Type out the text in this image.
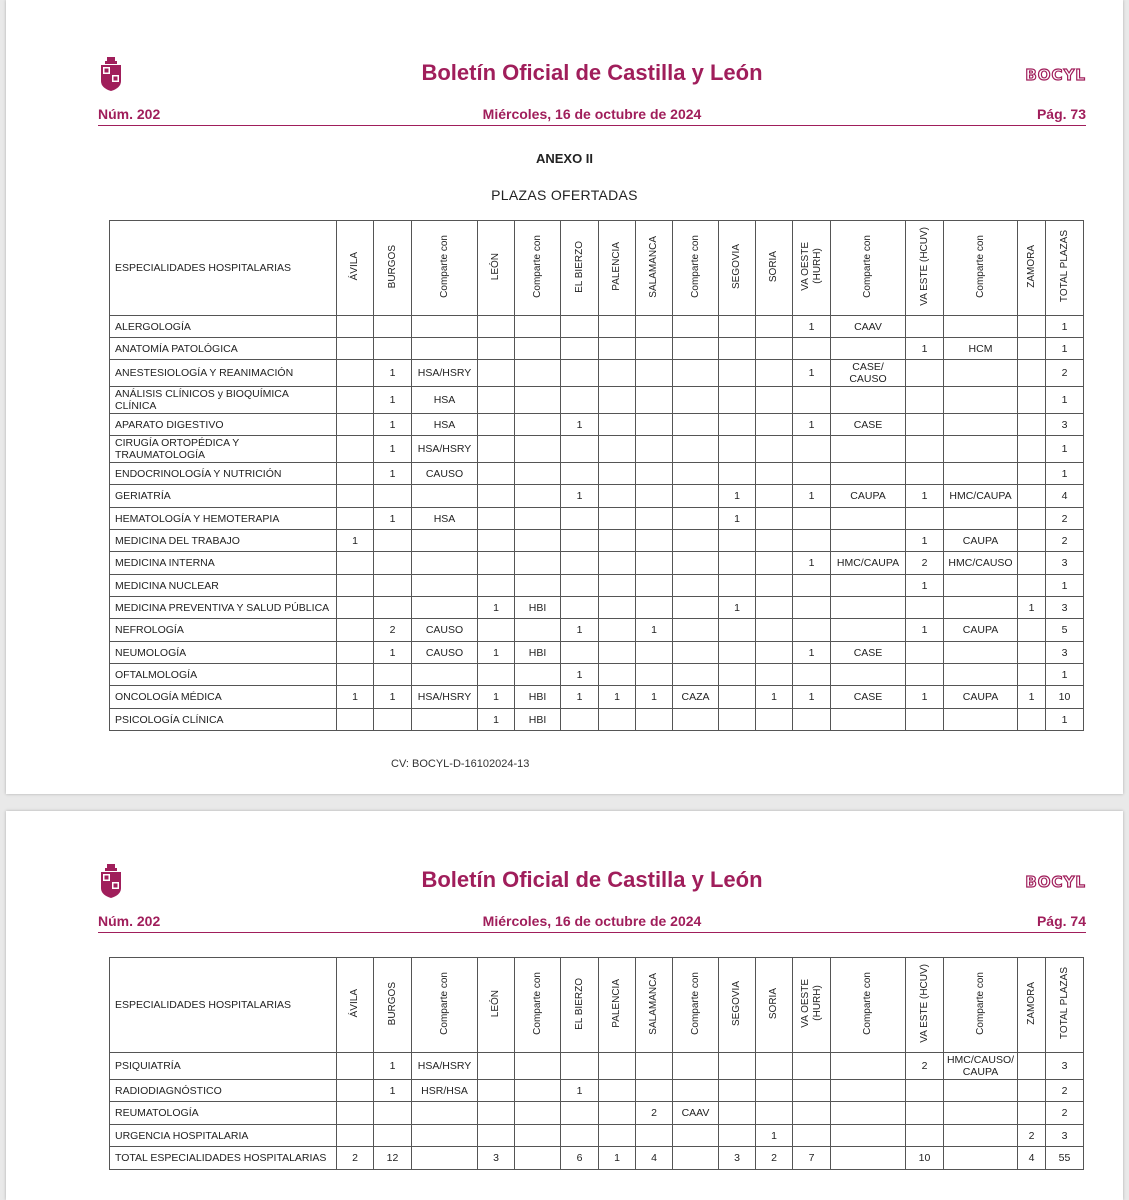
Boletín Oficial de Castilla y León	BOCYL
Núm. 202	Miércoles, 16 de octubre de 2024	Pág. 73
ANEXO II
PLAZAS OFERTADAS
ESPECIALIDADES HOSPITALARIAS	ÁVILA	BURGOS	Comparte con	LEÓN	Comparte con	EL BIERZO	PALENCIA	SALAMANCA	Comparte con	SEGOVIA	SORIA	VA OESTE
(HURH)	Comparte con	VA ESTE (HCUV)	Comparte con	ZAMORA	TOTAL PLAZAS
ALERGOLOGÍA												1	CAAV				1
ANATOMÍA PATOLÓGICA														1	HCM		1
ANESTESIOLOGÍA Y REANIMACIÓN		1	HSA/HSRY									1	CASE/
CAUSO				2
ANÁLISIS CLÍNICOS y BIOQUÍMICA
CLÍNICA		1	HSA														1
APARATO DIGESTIVO		1	HSA			1						1	CASE				3
CIRUGÍA ORTOPÉDICA Y
TRAUMATOLOGÍA		1	HSA/HSRY														1
ENDOCRINOLOGÍA Y NUTRICIÓN		1	CAUSO														1
GERIATRÍA						1				1		1	CAUPA	1	HMC/CAUPA		4
HEMATOLOGÍA Y HEMOTERAPIA		1	HSA							1							2
MEDICINA DEL TRABAJO	1													1	CAUPA		2
MEDICINA INTERNA												1	HMC/CAUPA	2	HMC/CAUSO		3
MEDICINA NUCLEAR														1			1
MEDICINA PREVENTIVA Y SALUD PÚBLICA				1	HBI					1						1	3
NEFROLOGÍA		2	CAUSO			1		1						1	CAUPA		5
NEUMOLOGÍA		1	CAUSO	1	HBI							1	CASE				3
OFTALMOLOGÍA						1											1
ONCOLOGÍA MÉDICA	1	1	HSA/HSRY	1	HBI	1	1	1	CAZA		1	1	CASE	1	CAUPA	1	10
PSICOLOGÍA CLÍNICA				1	HBI												1
CV: BOCYL-D-16102024-13
Boletín Oficial de Castilla y León	BOCYL
Núm. 202	Miércoles, 16 de octubre de 2024	Pág. 74
ESPECIALIDADES HOSPITALARIAS	ÁVILA	BURGOS	Comparte con	LEÓN	Comparte con	EL BIERZO	PALENCIA	SALAMANCA	Comparte con	SEGOVIA	SORIA	VA OESTE
(HURH)	Comparte con	VA ESTE (HCUV)	Comparte con	ZAMORA	TOTAL PLAZAS
PSIQUIATRÍA		1	HSA/HSRY											2	HMC/CAUSO/
CAUPA		3
RADIODIAGNÓSTICO		1	HSR/HSA			1											2
REUMATOLOGÍA								2	CAAV								2
URGENCIA HOSPITALARIA											1					2	3
TOTAL ESPECIALIDADES HOSPITALARIAS	2	12		3		6	1	4		3	2	7		10		4	55
